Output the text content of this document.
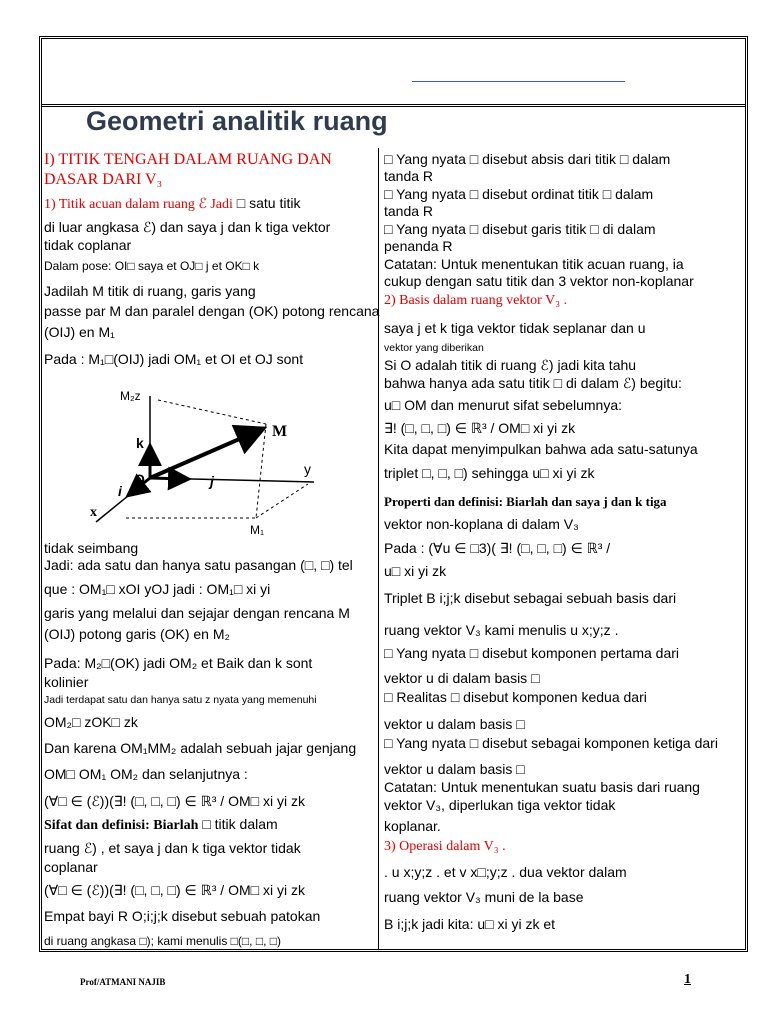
Geometri analitik ruang
I) TITIK TENGAH DALAM RUANG DAN
DASAR DARI V₃
1) Titik acuan dalam ruang ℰ Jadi □ satu titik
di luar angkasa ℰ) dan saya j dan k tiga vektor
tidak coplanar
Dalam pose: OI□ saya et OJ□ j et OK□ k
Jadilah M titik di ruang, garis yang
passe par M dan paralel dengan (OK) potong rencana
(OIJ) en M₁
Pada : M₁□(OIJ) jadi OM₁ et OI et OJ sont
M₂z
k
M
y
O	j
i
x
M₁
tidak seimbang
Jadi: ada satu dan hanya satu pasangan (□, □) tel
que : OM₁□ xOI yOJ jadi : OM₁□ xi yi
garis yang melalui dan sejajar dengan rencana M
(OIJ) potong garis (OK) en M₂
Pada: M₂□(OK) jadi OM₂ et Baik dan k sont
kolinier
Jadi terdapat satu dan hanya satu z nyata yang memenuhi
OM₂□ zOK□ zk
Dan karena OM₁MM₂ adalah sebuah jajar genjang
OM□ OM₁ OM₂ dan selanjutnya :
(∀□ ∈ (ℰ))(∃! (□, □, □) ∈ ℝ³ / OM□ xi yi zk
Sifat dan definisi: Biarlah □ titik dalam
ruang ℰ) , et saya j dan k tiga vektor tidak
coplanar
(∀□ ∈ (ℰ))(∃! (□, □, □) ∈ ℝ³ / OM□ xi yi zk
Empat bayi R O;i;j;k disebut sebuah patokan
di ruang angkasa □); kami menulis □(□, □, □)
□ Yang nyata □ disebut absis dari titik □ dalam
tanda R
□ Yang nyata □ disebut ordinat titik □ dalam
tanda R
□ Yang nyata □ disebut garis titik □ di dalam
penanda R
Catatan: Untuk menentukan titik acuan ruang, ia
cukup dengan satu titik dan 3 vektor non-koplanar
2) Basis dalam ruang vektor V₃ .
saya j et k tiga vektor tidak seplanar dan u
vektor yang diberikan
Si O adalah titik di ruang ℰ) jadi kita tahu
bahwa hanya ada satu titik □ di dalam ℰ) begitu:
u□ OM dan menurut sifat sebelumnya:
∃! (□, □, □) ∈ ℝ³ / OM□ xi yi zk
Kita dapat menyimpulkan bahwa ada satu-satunya
triplet □, □, □) sehingga u□ xi yi zk
Properti dan definisi: Biarlah dan saya j dan k tiga
vektor non-koplana di dalam V₃
Pada : (∀u ∈ □3)( ∃! (□, □, □) ∈ ℝ³ /
u□ xi yi zk
Triplet B i;j;k disebut sebagai sebuah basis dari
ruang vektor V₃ kami menulis u x;y;z .
□ Yang nyata □ disebut komponen pertama dari
vektor u di dalam basis □
□ Realitas □ disebut komponen kedua dari
vektor u dalam basis □
□ Yang nyata □ disebut sebagai komponen ketiga dari
vektor u dalam basis □
Catatan: Untuk menentukan suatu basis dari ruang
vektor V₃, diperlukan tiga vektor tidak
koplanar.
3) Operasi dalam V₃ .
. u x;y;z . et v x□;y;z . dua vektor dalam
ruang vektor V₃ muni de la base
B i;j;k jadi kita: u□ xi yi zk et
Prof/ATMANI NAJIB	1
